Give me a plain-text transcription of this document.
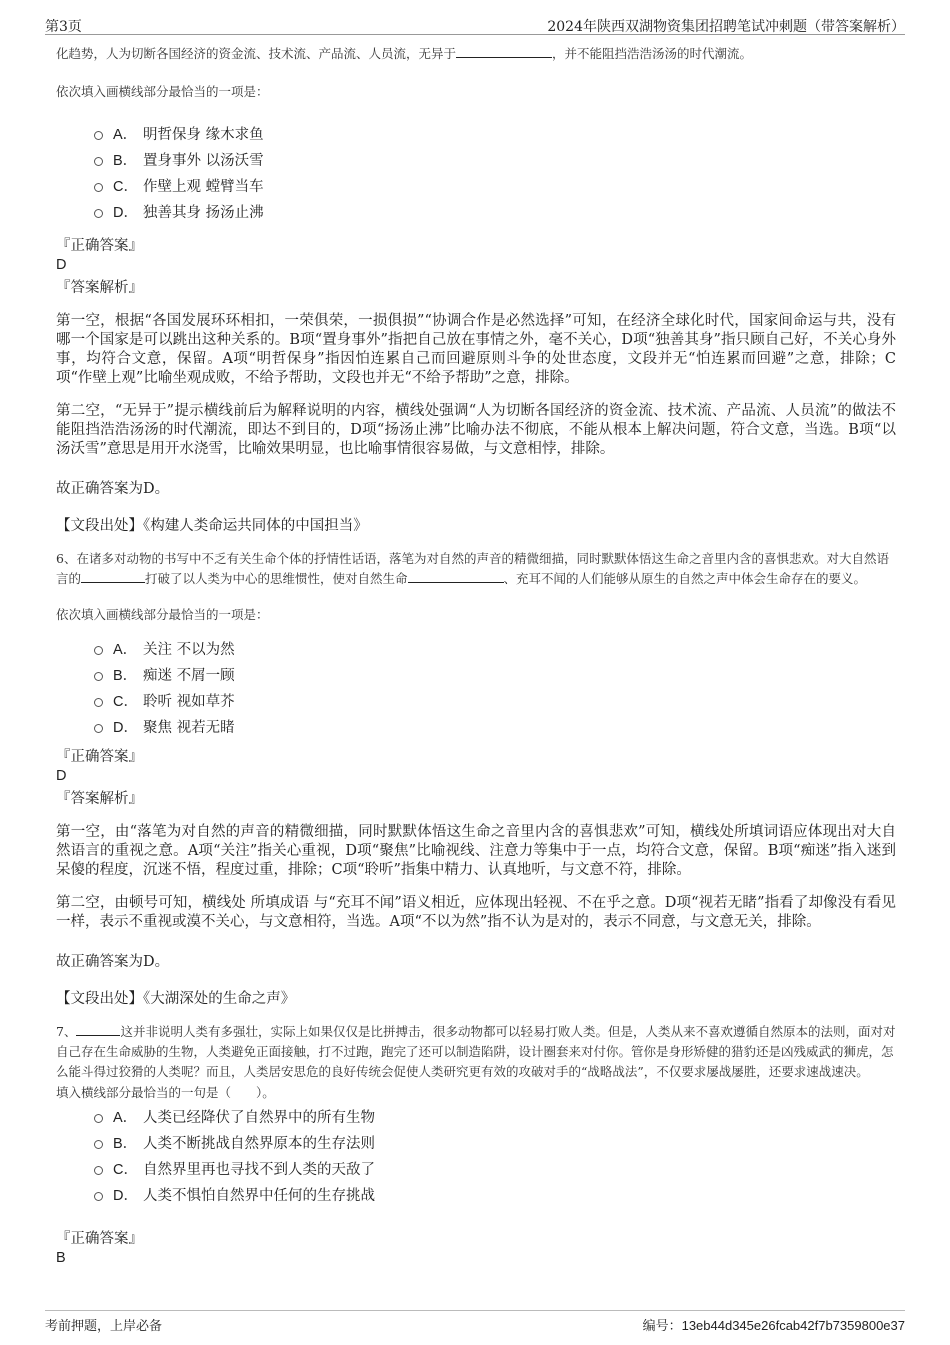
第3页	2024年陕西双湖物资集团招聘笔试冲刺题（带答案解析）
化趋势，人为切断各国经济的资金流、技术流、产品流、人员流，无异于	，并不能阻挡浩浩汤汤的时代潮流。
依次填入画横线部分最恰当的一项是：
A． 明哲保身 缘木求鱼
B． 置身事外 以汤沃雪
C． 作壁上观 螳臂当车
D． 独善其身 扬汤止沸
『正确答案』
D
『答案解析』
第一空，根据“各国发展环环相扣，一荣俱荣，一损俱损”“协调合作是必然选择”可知，在经济全球化时代，国家间命运与共，没有哪一个国家是可以跳出这种关系的。B项“置身事外”指把自己放在事情之外，毫不关心，D项“独善其身”指只顾自己好，不关心身外事，均符合文意，保留。A项“明哲保身”指因怕连累自己而回避原则斗争的处世态度，文段并无“怕连累而回避”之意，排除；C项“作壁上观”比喻坐观成败，不给予帮助，文段也并无“不给予帮助”之意，排除。
第二空，“无异于”提示横线前后为解释说明的内容，横线处强调“人为切断各国经济的资金流、技术流、产品流、人员流”的做法不能阻挡浩浩汤汤的时代潮流，即达不到目的，D项“扬汤止沸”比喻办法不彻底，不能从根本上解决问题，符合文意，当选。B项“以汤沃雪”意思是用开水浇雪，比喻效果明显，也比喻事情很容易做，与文意相悖，排除。
故正确答案为D。
【文段出处】《构建人类命运共同体的中国担当》
6、在诸多对动物的书写中不乏有关生命个体的抒情性话语，落笔为对自然的声音的精微细描，同时默默体悟这生命之音里内含的喜惧悲欢。对大自然语言的	打破了以人类为中心的思维惯性，使对自然生命	、充耳不闻的人们能够从原生的自然之声中体会生命存在的要义。
依次填入画横线部分最恰当的一项是：
A． 关注 不以为然
B． 痴迷 不屑一顾
C． 聆听 视如草芥
D． 聚焦 视若无睹
『正确答案』
D
『答案解析』
第一空，由“落笔为对自然的声音的精微细描，同时默默体悟这生命之音里内含的喜惧悲欢”可知，横线处所填词语应体现出对大自然语言的重视之意。A项“关注”指关心重视，D项“聚焦”比喻视线、注意力等集中于一点，均符合文意，保留。B项“痴迷”指入迷到呆傻的程度，沉迷不悟，程度过重，排除；C项“聆听”指集中精力、认真地听，与文意不符，排除。
第二空，由顿号可知，横线处 所填成语 与“充耳不闻”语义相近，应体现出轻视、不在乎之意。D项“视若无睹”指看了却像没有看见一样，表示不重视或漠不关心，与文意相符，当选。A项“不以为然”指不认为是对的，表示不同意，与文意无关，排除。
故正确答案为D。
【文段出处】《大湖深处的生命之声》
7、	这并非说明人类有多强壮，实际上如果仅仅是比拼搏击，很多动物都可以轻易打败人类。但是，人类从来不喜欢遵循自然原本的法则，面对对自己存在生命威胁的生物，人类避免正面接触，打不过跑，跑完了还可以制造陷阱，设计圈套来对付你。管你是身形矫健的猎豹还是凶残威武的狮虎，怎么能斗得过狡猾的人类呢？而且，人类居安思危的良好传统会促使人类研究更有效的攻破对手的“战略战法”，不仅要求屡战屡胜，还要求速战速决。
填入横线部分最恰当的一句是（　　）。
A． 人类已经降伏了自然界中的所有生物
B． 人类不断挑战自然界原本的生存法则
C． 自然界里再也寻找不到人类的天敌了
D． 人类不惧怕自然界中任何的生存挑战
『正确答案』
B
考前押题，上岸必备	编号：13eb44d345e26fcab42f7b7359800e37
